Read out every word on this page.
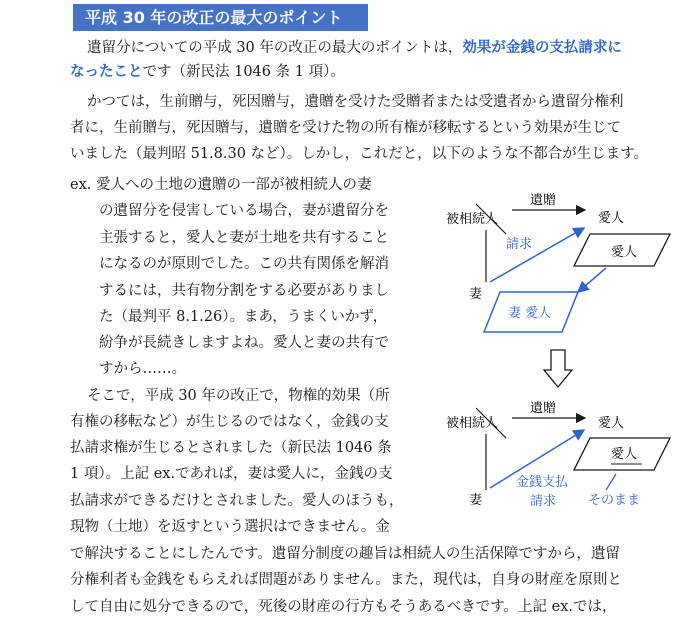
平成 30 年の改正の最大のポイント
遺留分についての平成 30 年の改正の最大のポイントは，効果が金銭の支払請求に
なったことです（新民法 1046 条 1 項）。
かつては，生前贈与，死因贈与，遺贈を受けた受贈者または受遺者から遺留分権利
者に，生前贈与，死因贈与，遺贈を受けた物の所有権が移転するという効果が生じて
いました（最判昭 51.8.30 など）。しかし，これだと，以下のような不都合が生じます。
ex. 愛人への土地の遺贈の一部が被相続人の妻
の遺留分を侵害している場合，妻が遺留分を
主張すると，愛人と妻が土地を共有すること
になるのが原則でした。この共有関係を解消
するには，共有物分割をする必要がありまし
た（最判平 8.1.26）。まあ，うまくいかず，
紛争が長続きしますよね。愛人と妻の共有で
すから……。
そこで，平成 30 年の改正で，物権的効果（所
有権の移転など）が生じるのではなく，金銭の支
払請求権が生じるとされました（新民法 1046 条
1 項）。上記 ex.であれば，妻は愛人に，金銭の支
払請求ができるだけとされました。愛人のほうも，
現物（土地）を返すという選択はできません。金
で解決することにしたんです。遺留分制度の趣旨は相続人の生活保障ですから，遺留
分権利者も金銭をもらえれば問題がありません。また，現代は，自身の財産を原則と
して自由に処分できるので，死後の財産の行方もそうあるべきです。上記 ex.では，
被相続人
遺贈
愛人
請求
愛人
妻
妻 愛人
被相続人
遺贈
愛人
愛人
金銭支払
請求
妻	そのまま
